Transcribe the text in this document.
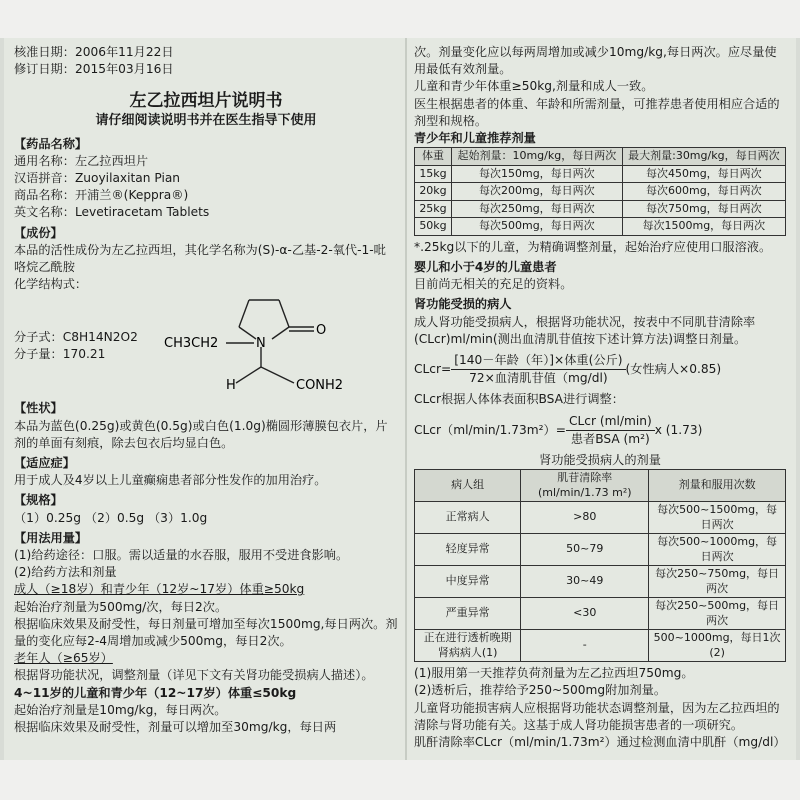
核准日期：2006年11月22日

修订日期：2015年03月16日

左乙拉西坦片说明书

请仔细阅读说明书并在医生指导下使用

【药品名称】

通用名称：左乙拉西坦片

汉语拼音：Zuoyilaxitan Pian

商品名称：开浦兰®(Keppra®)

英文名称：Levetiracetam Tablets

【成份】

本品的活性成份为左乙拉西坦，其化学名称为(S)-α-乙基-2-氧代-1-吡咯烷乙酰胺

化学结构式：

N
O
CH3CH2
H	CONH2

分子式：C8H14N2O2

分子量：170.21

【性状】

本品为蓝色(0.25g)或黄色(0.5g)或白色(1.0g)椭圆形薄膜包衣片，片剂的单面有刻痕，除去包衣后均显白色。

【适应症】

用于成人及4岁以上儿童癫痫患者部分性发作的加用治疗。

【规格】

（1）0.25g （2）0.5g （3）1.0g

【用法用量】

(1)给药途径：口服。需以适量的水吞服，服用不受进食影响。

(2)给药方法和剂量

成人（≥18岁）和青少年（12岁~17岁）体重≥50kg

起始治疗剂量为500mg/次，每日2次。

根据临床效果及耐受性，每日剂量可增加至每次1500mg,每日两次。剂量的变化应每2-4周增加或减少500mg，每日2次。

老年人（≥65岁）

根据肾功能状况，调整剂量（详见下文有关肾功能受损病人描述）。

4~11岁的儿童和青少年（12~17岁）体重≤50kg

起始治疗剂量是10mg/kg，每日两次。

根据临床效果及耐受性，剂量可以增加至30mg/kg，每日两

次。剂量变化应以每两周增加或减少10mg/kg,每日两次。应尽量使用最低有效剂量。

儿童和青少年体重≥50kg,剂量和成人一致。

医生根据患者的体重、年龄和所需剂量，可推荐患者使用相应合适的剂型和规格。

青少年和儿童推荐剂量

体重	起始剂量：10mg/kg，每日两次	最大剂量:30mg/kg，每日两次
15kg	每次150mg，每日两次	每次450mg，每日两次
20kg	每次200mg，每日两次	每次600mg，每日两次
25kg	每次250mg，每日两次	每次750mg，每日两次
50kg	每次500mg，每日两次	每次1500mg，每日两次

*.25kg以下的儿童，为精确调整剂量，起始治疗应使用口服溶液。

婴儿和小于4岁的儿童患者

目前尚无相关的充足的资料。

肾功能受损的病人

成人肾功能受损病人，根据肾功能状况，按表中不同肌苷清除率(CLcr)ml/min(测出血清肌苷值按下述计算方法)调整日剂量。

CLcr= $\frac{\text{[140－年龄（年）]×体重(公斤)}}{\text{72×血清肌苷值（mg/dl)}}$ (女性病人×0.85)

CLcr根据人体体表面积BSA进行调整：

CLcr（ml/min/1.73m²）= $\frac{\text{CLcr (ml/min)}}{\text{患者BSA (m²)}}$ x (1.73)

肾功能受损病人的剂量

病人组	肌苷清除率(ml/min/1.73 m²)	剂量和服用次数
正常病人	>80	每次500~1500mg，每日两次
轻度异常	50~79	每次500~1000mg，每日两次
中度异常	30~49	每次250~750mg，每日两次
严重异常	<30	每次250~500mg，每日两次
正在进行透析晚期肾病病人(1)	-	500~1000mg，每日1次(2)

(1)服用第一天推荐负荷剂量为左乙拉西坦750mg。

(2)透析后，推荐给予250~500mg附加剂量。

儿童肾功能损害病人应根据肾功能状态调整剂量，因为左乙拉西坦的清除与肾功能有关。这基于成人肾功能损害患者的一项研究。

肌酐清除率CLcr（ml/min/1.73m²）通过检测血清中肌酐（mg/dl）
